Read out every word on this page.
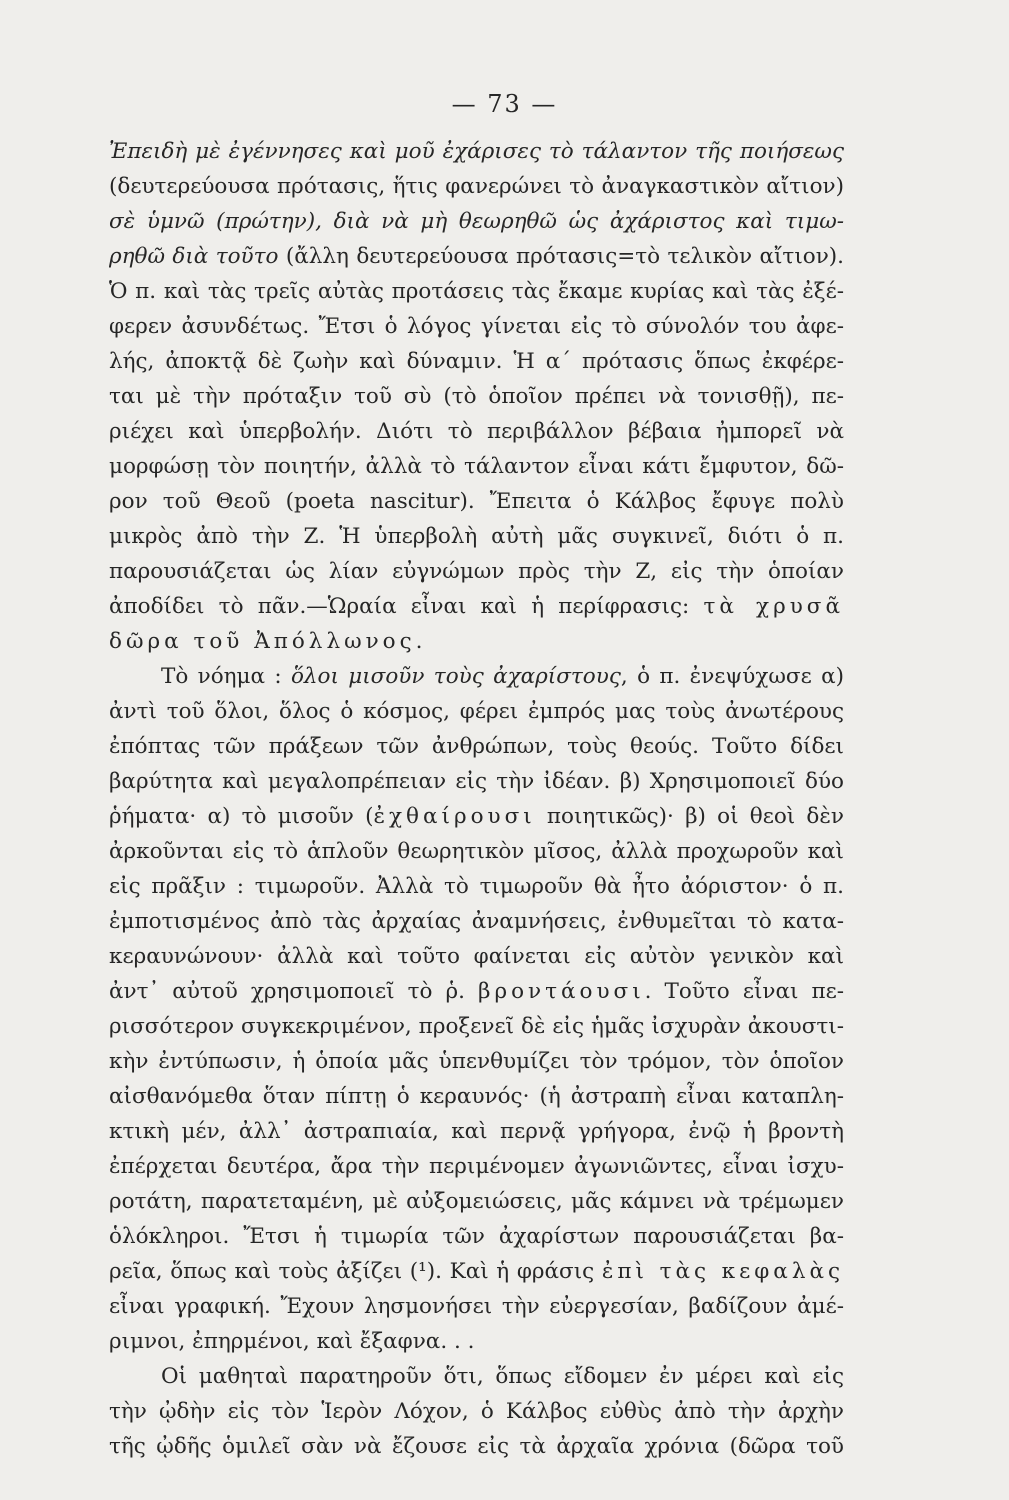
— 73 —
Ἐπειδὴ μὲ ἐγέννησες καὶ μοῦ ἐχάρισες τὸ τάλαντον τῆς ποιήσεως
(δευτερεύουσα πρότασις, ἥτις φανερώνει τὸ ἀναγκαστικὸν αἴτιον)
σὲ ὑμνῶ (πρώτην), διὰ νὰ μὴ θεωρηθῶ ὡς ἀχάριστος καὶ τιμω-
ρηθῶ διὰ τοῦτο (ἄλλη δευτερεύουσα πρότασις=τὸ τελικὸν αἴτιον).
Ὁ π. καὶ τὰς τρεῖς αὐτὰς προτάσεις τὰς ἔκαμε κυρίας καὶ τὰς ἐξέ-
φερεν ἀσυνδέτως. Ἔτσι ὁ λόγος γίνεται εἰς τὸ σύνολόν του ἀφε-
λής, ἀποκτᾷ δὲ ζωὴν καὶ δύναμιν. Ἡ α΄ πρότασις ὅπως ἐκφέρε-
ται μὲ τὴν πρόταξιν τοῦ σὺ (τὸ ὁποῖον πρέπει νὰ τονισθῇ), πε-
ριέχει καὶ ὑπερβολήν. Διότι τὸ περιβάλλον βέβαια ἠμπορεῖ νὰ
μορφώσῃ τὸν ποιητήν, ἀλλὰ τὸ τάλαντον εἶναι κάτι ἔμφυτον, δῶ-
ρον τοῦ Θεοῦ (poeta nascitur). Ἔπειτα ὁ Κάλβος ἔφυγε πολὺ
μικρὸς ἀπὸ τὴν Ζ. Ἡ ὑπερβολὴ αὐτὴ μᾶς συγκινεῖ, διότι ὁ π.
παρουσιάζεται ὡς λίαν εὐγνώμων πρὸς τὴν Ζ, εἰς τὴν ὁποίαν
ἀποδίδει τὸ πᾶν.—Ὡραία εἶναι καὶ ἡ περίφρασις: τὰ χρυσᾶ
δῶρα τοῦ Ἀπόλλωνος.
Τὸ νόημα : ὅλοι μισοῦν τοὺς ἀχαρίστους, ὁ π. ἐνεψύχωσε α)
ἀντὶ τοῦ ὅλοι, ὅλος ὁ κόσμος, φέρει ἐμπρός μας τοὺς ἀνωτέρους
ἐπόπτας τῶν πράξεων τῶν ἀνθρώπων, τοὺς θεούς. Τοῦτο δίδει
βαρύτητα καὶ μεγαλοπρέπειαν εἰς τὴν ἰδέαν. β) Χρησιμοποιεῖ δύο
ῥήματα· α) τὸ μισοῦν (ἐχθαίρουσι ποιητικῶς)· β) οἱ θεοὶ δὲν
ἀρκοῦνται εἰς τὸ ἁπλοῦν θεωρητικὸν μῖσος, ἀλλὰ προχωροῦν καὶ
εἰς πρᾶξιν : τιμωροῦν. Ἀλλὰ τὸ τιμωροῦν θὰ ἦτο ἀόριστον· ὁ π.
ἐμποτισμένος ἀπὸ τὰς ἀρχαίας ἀναμνήσεις, ἐνθυμεῖται τὸ κατα-
κεραυνώνουν· ἀλλὰ καὶ τοῦτο φαίνεται εἰς αὐτὸν γενικὸν καὶ
ἀντ᾽ αὐτοῦ χρησιμοποιεῖ τὸ ῥ. βροντάουσι. Τοῦτο εἶναι πε-
ρισσότερον συγκεκριμένον, προξενεῖ δὲ εἰς ἡμᾶς ἰσχυρὰν ἀκουστι-
κὴν ἐντύπωσιν, ἡ ὁποία μᾶς ὑπενθυμίζει τὸν τρόμον, τὸν ὁποῖον
αἰσθανόμεθα ὅταν πίπτῃ ὁ κεραυνός· (ἡ ἀστραπὴ εἶναι καταπλη-
κτικὴ μέν, ἀλλ᾽ ἀστραπιαία, καὶ περνᾷ γρήγορα, ἐνῷ ἡ βροντὴ
ἐπέρχεται δευτέρα, ἄρα τὴν περιμένομεν ἀγωνιῶντες, εἶναι ἰσχυ-
ροτάτη, παρατεταμένη, μὲ αὐξομειώσεις, μᾶς κάμνει νὰ τρέμωμεν
ὁλόκληροι. Ἔτσι ἡ τιμωρία τῶν ἀχαρίστων παρουσιάζεται βα-
ρεῖα, ὅπως καὶ τοὺς ἀξίζει (¹). Καὶ ἡ φράσις ἐπὶ τὰς κεφαλὰς
εἶναι γραφική. Ἔχουν λησμονήσει τὴν εὐεργεσίαν, βαδίζουν ἀμέ-
ριμνοι, ἐπηρμένοι, καὶ ἔξαφνα. . .
Οἱ μαθηταὶ παρατηροῦν ὅτι, ὅπως εἴδομεν ἐν μέρει καὶ εἰς
τὴν ᾠδὴν εἰς τὸν Ἱερὸν Λόχον, ὁ Κάλβος εὐθὺς ἀπὸ τὴν ἀρχὴν
τῆς ᾠδῆς ὁμιλεῖ σὰν νὰ ἔζουσε εἰς τὰ ἀρχαῖα χρόνια (δῶρα τοῦ
